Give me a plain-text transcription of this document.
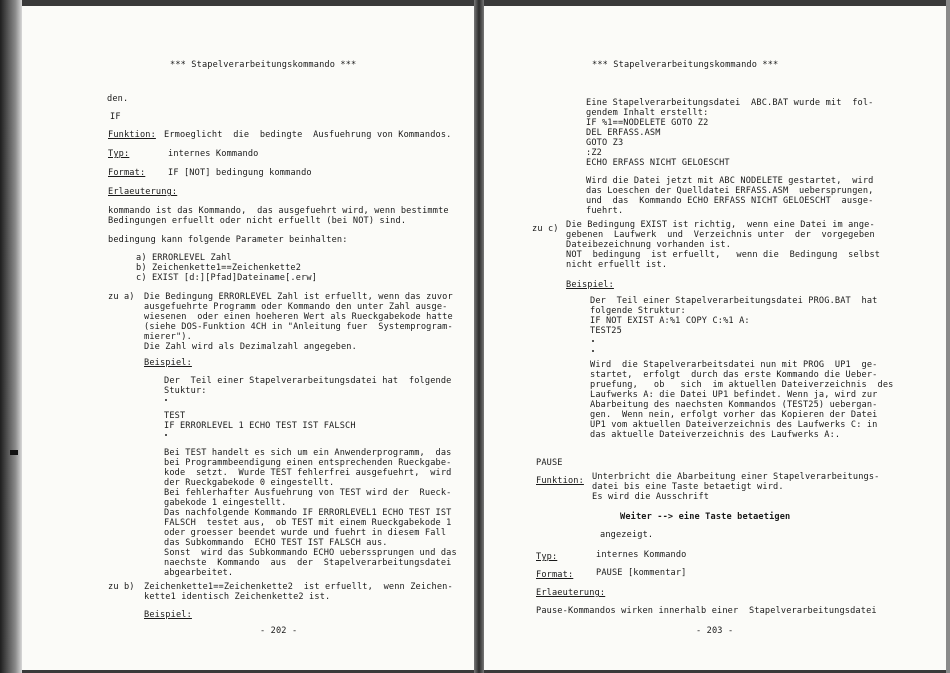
*** Stapelverarbeitungskommando ***
den.
IF
Funktion: Ermoeglicht  die  bedingte  Ausfuehrung von Kommandos.
Typ:	internes Kommando
Format:	IF [NOT] bedingung kommando
Erlaeuterung:
kommando ist das Kommando,  das ausgefuehrt wird, wenn bestimmte
Bedingungen erfuellt oder nicht erfuellt (bei NOT) sind.
bedingung kann folgende Parameter beinhalten:
a) ERRORLEVEL Zahl
b) Zeichenkette1==Zeichenkette2
c) EXIST [d:][Pfad]Dateiname[.erw]
zu a) Die Bedingung ERRORLEVEL Zahl ist erfuellt, wenn das zuvor
ausgefuehrte Programm oder Kommando den unter Zahl ausge-
wiesenen  oder einen hoeheren Wert als Rueckgabekode hatte
(siehe DOS-Funktion 4CH in "Anleitung fuer  Systemprogram-
mierer").
Die Zahl wird als Dezimalzahl angegeben.
Beispiel:
Der  Teil einer Stapelverarbeitungsdatei hat  folgende
Stuktur:
TEST
IF ERRORLEVEL 1 ECHO TEST IST FALSCH
Bei TEST handelt es sich um ein Anwenderprogramm,  das
bei Programmbeendigung einen entsprechenden Rueckgabe-
kode  setzt.  Wurde TEST fehlerfrei ausgefuehrt,  wird
der Rueckgabekode 0 eingestellt.
Bei fehlerhafter Ausfuehrung von TEST wird der  Rueck-
gabekode 1 eingestellt.
Das nachfolgende Kommando IF ERRORLEVEL1 ECHO TEST IST
FALSCH  testet aus,  ob TEST mit einem Rueckgabekode 1
oder groesser beendet wurde und fuehrt in diesem Fall
das Subkommando  ECHO TEST IST FALSCH aus.
Sonst  wird das Subkommando ECHO ueberssprungen und das
naechste  Kommando  aus  der  Stapelverarbeitungsdatei
abgearbeitet.
zu b) Zeichenkette1==Zeichenkette2  ist erfuellt,  wenn Zeichen-
kette1 identisch Zeichenkette2 ist.
Beispiel:
- 202 -
*** Stapelverarbeitungskommando ***
Eine Stapelverarbeitungsdatei  ABC.BAT wurde mit  fol-
gendem Inhalt erstellt:
IF %1==NODELETE GOTO Z2
DEL ERFASS.ASM
GOTO Z3
:Z2
ECHO ERFASS NICHT GELOESCHT
Wird die Datei jetzt mit ABC NODELETE gestartet,  wird
das Loeschen der Quelldatei ERFASS.ASM  uebersprungen,
und  das  Kommando ECHO ERFASS NICHT GELOESCHT  ausge-
fuehrt.
zu c) Die Bedingung EXIST ist richtig,  wenn eine Datei im ange-
gebenen  Laufwerk  und  Verzeichnis unter  der  vorgegeben
Dateibezeichnung vorhanden ist.
NOT  bedingung  ist erfuellt,   wenn die  Bedingung  selbst
nicht erfuellt ist.
Beispiel:
Der  Teil einer Stapelverarbeitungsdatei PROG.BAT  hat
folgende Struktur:
IF NOT EXIST A:%1 COPY C:%1 A:
TEST25
Wird  die Stapelverarbeitsdatei nun mit PROG  UP1  ge-
startet,  erfolgt  durch das erste Kommando die Ueber-
pruefung,   ob   sich  im aktuellen Dateiverzeichnis  des
Laufwerks A: die Datei UP1 befindet. Wenn ja, wird zur
Abarbeitung des naechsten Kommandos (TEST25) uebergan-
gen.  Wenn nein, erfolgt vorher das Kopieren der Datei
UP1 vom aktuellen Dateiverzeichnis des Laufwerks C: in
das aktuelle Dateiverzeichnis des Laufwerks A:.
PAUSE
Funktion: Unterbricht die Abarbeitung einer Stapelverarbeitungs-
datei bis eine Taste betaetigt wird.
Es wird die Ausschrift
Weiter --> eine Taste betaetigen
angezeigt.
Typ:	internes Kommando
Format:	PAUSE [kommentar]
Erlaeuterung:
Pause-Kommandos wirken innerhalb einer  Stapelverarbeitungsdatei
- 203 -
